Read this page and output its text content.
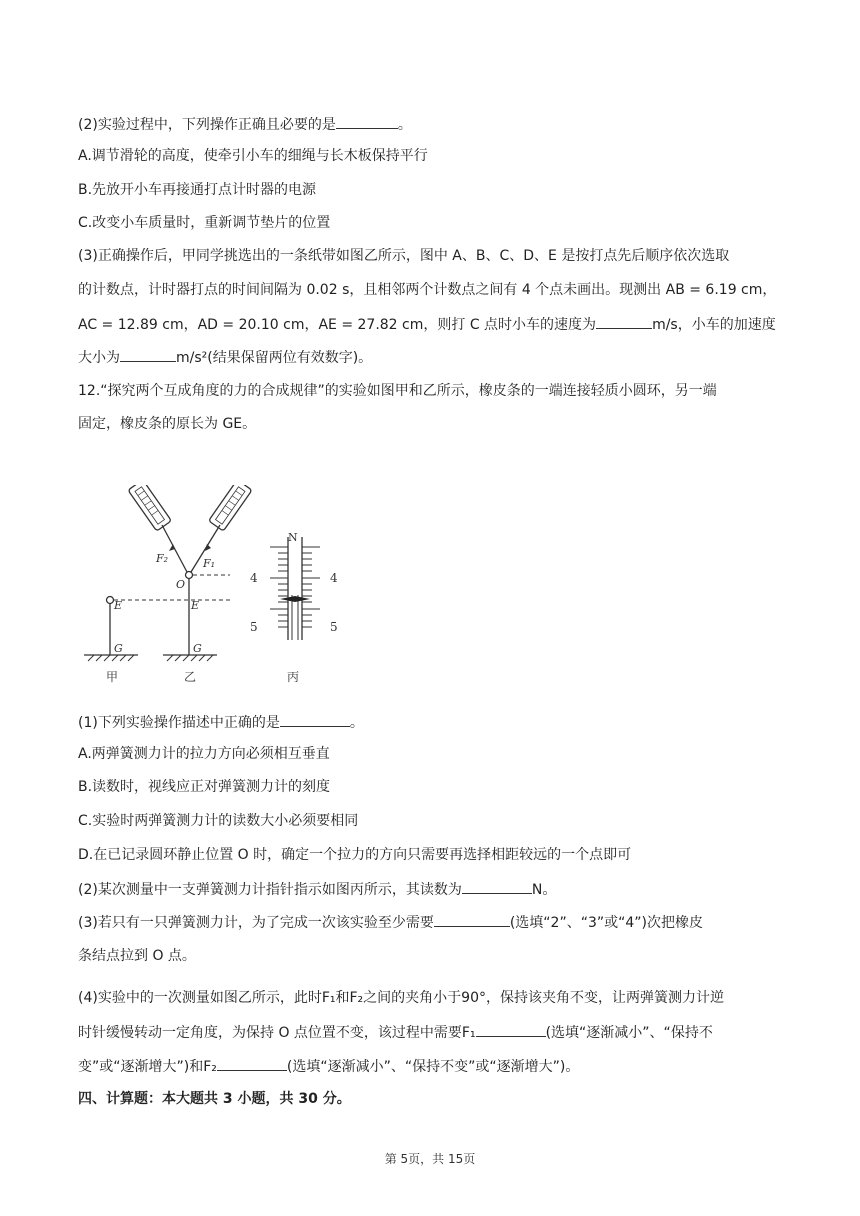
(2)实验过程中，下列操作正确且必要的是	。
A.调节滑轮的高度，使牵引小车的细绳与长木板保持平行
B.先放开小车再接通打点计时器的电源
C.改变小车质量时，重新调节垫片的位置
(3)正确操作后，甲同学挑选出的一条纸带如图乙所示，图中 A、B、C、D、E 是按打点先后顺序依次选取
的计数点，计时器打点的时间间隔为 0.02 s，且相邻两个计数点之间有 4 个点未画出。现测出 AB = 6.19 cm，
AC = 12.89 cm，AD = 20.10 cm，AE = 27.82 cm，则打 C 点时小车的速度为	m/s，小车的加速度
大小为	m/s²(结果保留两位有效数字)。
12.“探究两个互成角度的力的合成规律”的实验如图甲和乙所示，橡皮条的一端连接轻质小圆环，另一端
固定，橡皮条的原长为 GE。
E
G
甲
F₂	F₁
O
E
G
乙
N
4	4
5	5
丙
(1)下列实验操作描述中正确的是	。
A.两弹簧测力计的拉力方向必须相互垂直
B.读数时，视线应正对弹簧测力计的刻度
C.实验时两弹簧测力计的读数大小必须要相同
D.在已记录圆环静止位置 O 时，确定一个拉力的方向只需要再选择相距较远的一个点即可
(2)某次测量中一支弹簧测力计指针指示如图丙所示，其读数为	N。
(3)若只有一只弹簧测力计，为了完成一次该实验至少需要	(选填“2”、“3”或“4”)次把橡皮
条结点拉到 O 点。
(4)实验中的一次测量如图乙所示，此时F₁和F₂之间的夹角小于90°，保持该夹角不变，让两弹簧测力计逆
时针缓慢转动一定角度，为保持 O 点位置不变，该过程中需要F₁	(选填“逐渐减小”、“保持不
变”或“逐渐增大”)和F₂	(选填“逐渐减小”、“保持不变”或“逐渐增大”)。
四、计算题：本大题共 3 小题，共 30 分。
第 5页，共 15页
